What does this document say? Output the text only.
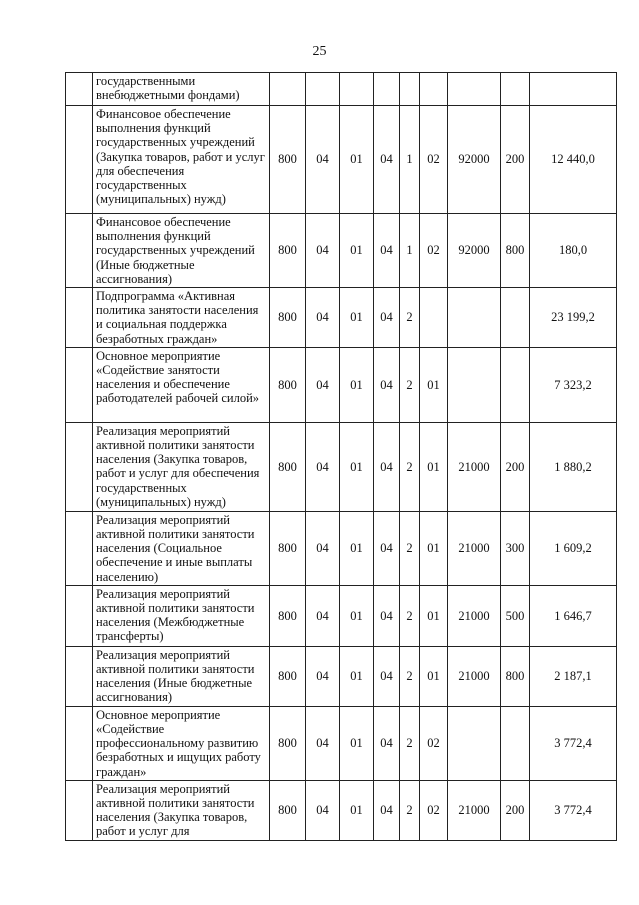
25
	государственными внебюджетными фондами)									
	Финансовое обеспечение выполнения функций государственных учреждений (Закупка товаров, работ и услуг для обеспечения государственных (муниципальных) нужд)	800	04	01	04	1	02	92000	200	12 440,0
	Финансовое обеспечение выполнения функций государственных учреждений (Иные бюджетные ассигнования)	800	04	01	04	1	02	92000	800	180,0
	Подпрограмма «Активная политика занятости населения и социальная поддержка безработных граждан»	800	04	01	04	2				23 199,2
	Основное мероприятие «Содействие занятости населения и обеспечение работодателей рабочей силой»	800	04	01	04	2	01			7 323,2
	Реализация мероприятий активной политики занятости населения (Закупка товаров, работ и услуг для обеспечения государственных (муниципальных) нужд)	800	04	01	04	2	01	21000	200	1 880,2
	Реализация мероприятий активной политики занятости населения (Социальное обеспечение и иные выплаты населению)	800	04	01	04	2	01	21000	300	1 609,2
	Реализация мероприятий активной политики занятости населения (Межбюджетные трансферты)	800	04	01	04	2	01	21000	500	1 646,7
	Реализация мероприятий активной политики занятости населения (Иные бюджетные ассигнования)	800	04	01	04	2	01	21000	800	2 187,1
	Основное мероприятие «Содействие профессиональному развитию безработных и ищущих работу граждан»	800	04	01	04	2	02			3 772,4
	Реализация мероприятий активной политики занятости населения (Закупка товаров, работ и услуг для	800	04	01	04	2	02	21000	200	3 772,4
